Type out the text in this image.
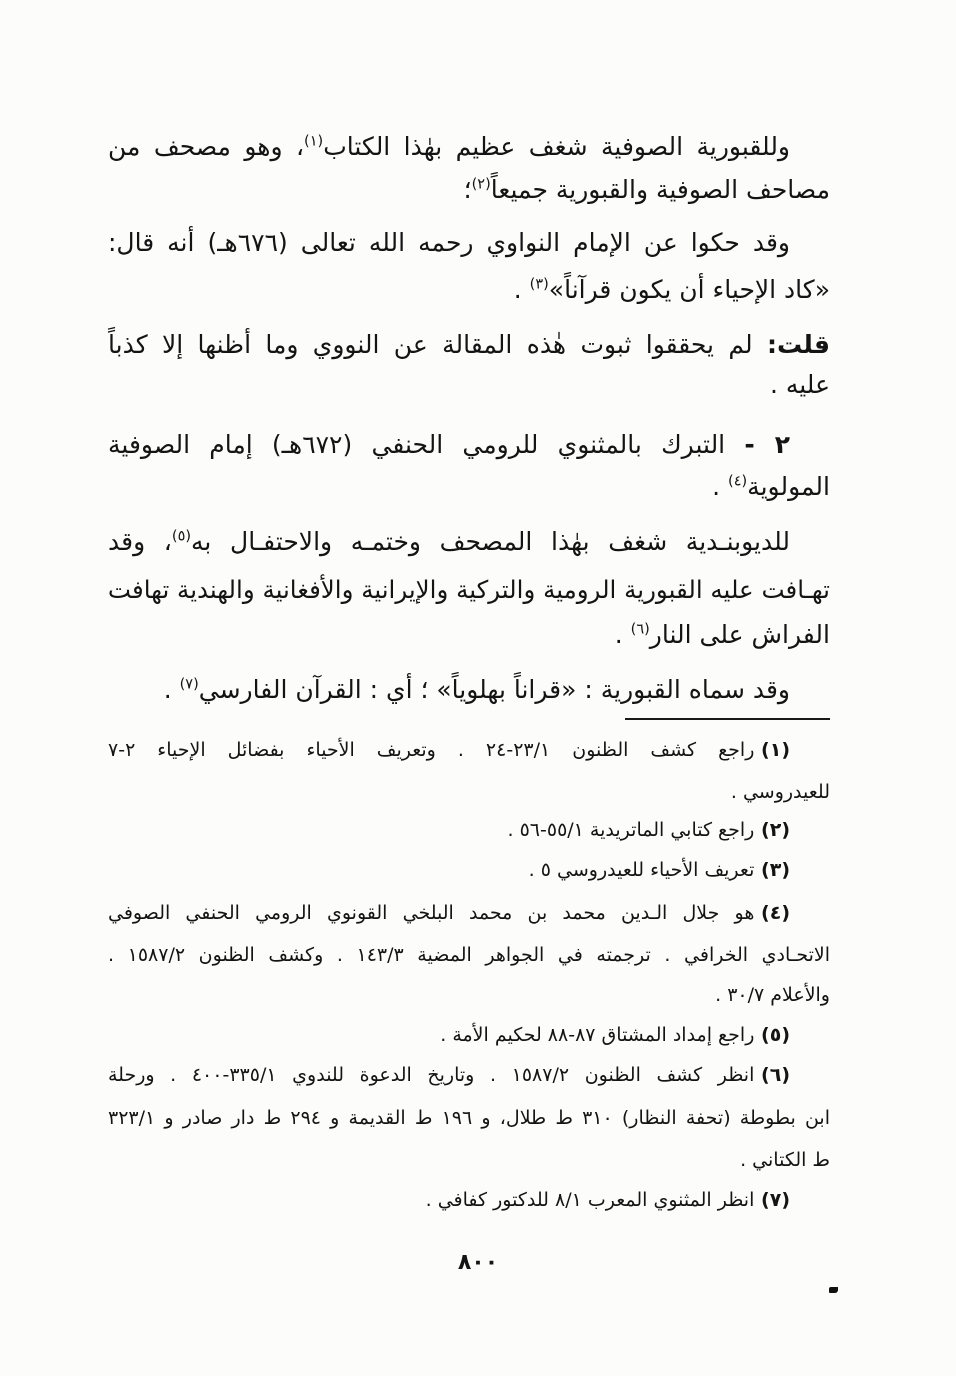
وللقبورية الصوفية شغف عظيم بهٰذا الكتاب$^{(١)}$، وهو مصحف من
مصاحف الصوفية والقبورية جميعاً$^{(٢)}$؛
وقد حكوا عن الإمام النواوي رحمه الله تعالى (٦٧٦هـ) أنه قال:
«كاد الإحياء أن يكون قرآناً»$^{(٣)}$ .
قلت: لم يحققوا ثبوت هٰذه المقالة عن النووي وما أظنها إلا كذباً
عليه .
٢ - التبرك بالمثنوي للرومي الحنفي (٦٧٢هـ) إمام الصوفية
المولوية$^{(٤)}$ .
للديوبنـدية شغف بهٰذا المصحف وختمـه والاحتفـال به$^{(٥)}$، وقد
تهـافت عليه القبورية الرومية والتركية والإيرانية والأفغانية والهندية تهافت
الفراش على النار$^{(٦)}$ .
وقد سماه القبورية : «قراناً بهلوياً» ؛ أي : القرآن الفارسي$^{(٧)}$ .
(١)راجع كشف الظنون ٢٣/١-٢٤ . وتعريف الأحياء بفضائل الإحياء ٢-٧
للعيدروسي .
(٢)راجع كتابي الماتريدية ٥٥/١-٥٦ .
(٣)تعريف الأحياء للعيدروسي ٥ .
(٤)هو جلال الـدين محمد بن محمد البلخي القونوي الرومي الحنفي الصوفي
الاتحـادي الخرافي . ترجمته في الجواهر المضية ١٤٣/٣ . وكشف الظنون ١٥٨٧/٢ .
والأعلام ٣٠/٧ .
(٥)راجع إمداد المشتاق ٨٧-٨٨ لحكيم الأمة .
(٦)انظر كشف الظنون ١٥٨٧/٢ . وتاريخ الدعوة للندوي ٣٣٥/١-٤٠٠ . ورحلة
ابن بطوطة (تحفة النظار) ٣١٠ ط طلال، و ١٩٦ ط القديمة و ٢٩٤ ط دار صادر و ٣٢٣/١
ط الكتاني .
(٧)انظر المثنوي المعرب ٨/١ للدكتور كفافي .
٨٠٠
